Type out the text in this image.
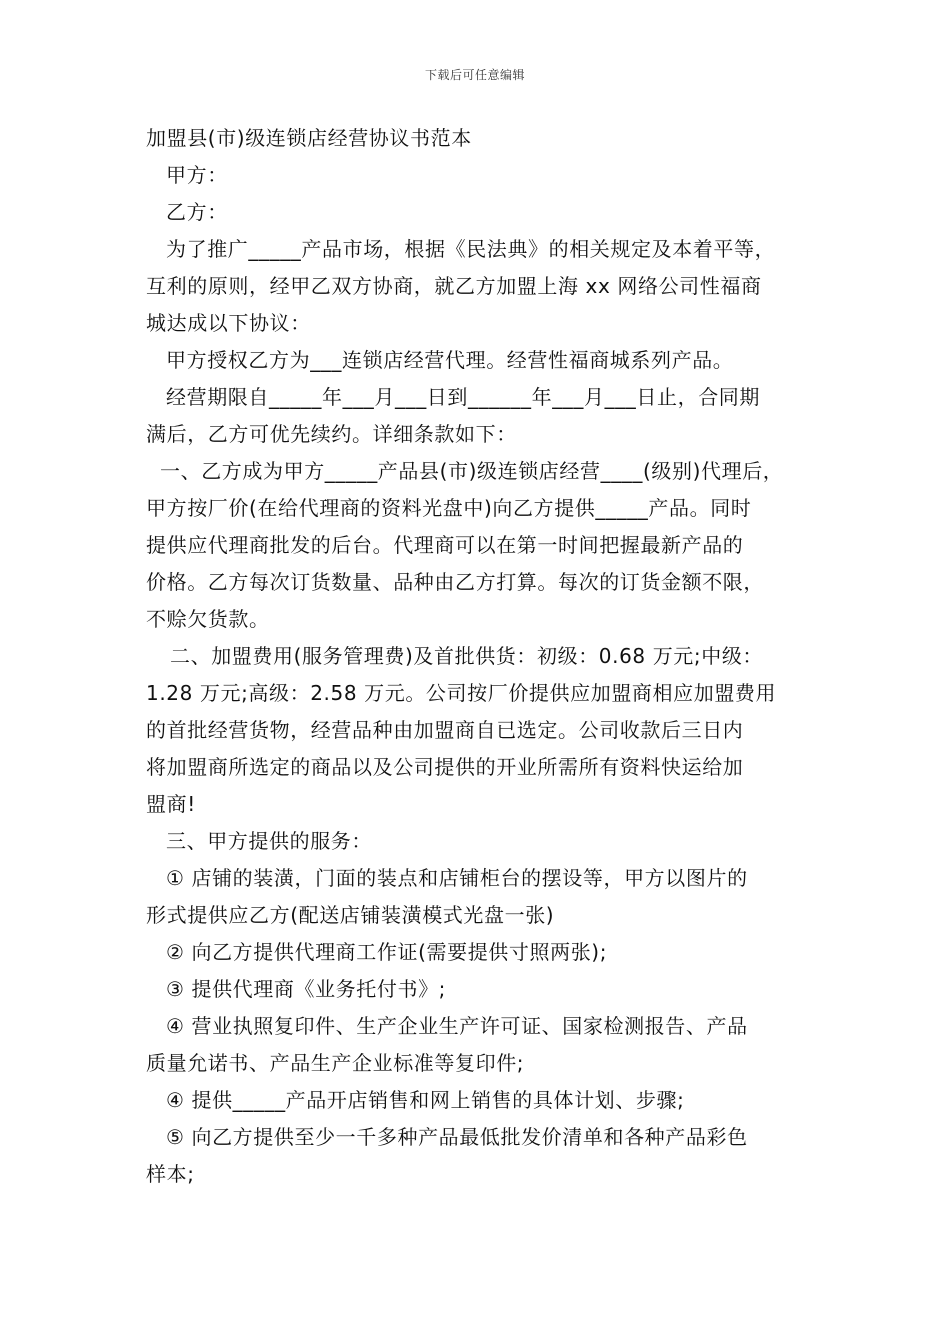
下载后可任意编辑
加盟县(市)级连锁店经营协议书范本
甲方：
乙方：
为了推广_____产品市场，根据《民法典》的相关规定及本着平等，
互利的原则，经甲乙双方协商，就乙方加盟上海 xx 网络公司性福商
城达成以下协议：
甲方授权乙方为___连锁店经营代理。经营性福商城系列产品。
经营期限自_____年___月___日到______年___月___日止，合同期
满后，乙方可优先续约。详细条款如下：
一、乙方成为甲方_____产品县(市)级连锁店经营____(级别)代理后，
甲方按厂价(在给代理商的资料光盘中)向乙方提供_____产品。同时
提供应代理商批发的后台。代理商可以在第一时间把握最新产品的
价格。乙方每次订货数量、品种由乙方打算。每次的订货金额不限，
不赊欠货款。
二、加盟费用(服务管理费)及首批供货：初级：0.68 万元;中级：
1.28 万元;高级：2.58 万元。公司按厂价提供应加盟商相应加盟费用
的首批经营货物，经营品种由加盟商自已选定。公司收款后三日内
将加盟商所选定的商品以及公司提供的开业所需所有资料快运给加
盟商!
三、甲方提供的服务：
① 店铺的装潢，门面的装点和店铺柜台的摆设等，甲方以图片的
形式提供应乙方(配送店铺装潢模式光盘一张)
② 向乙方提供代理商工作证(需要提供寸照两张);
③ 提供代理商《业务托付书》;
④ 营业执照复印件、生产企业生产许可证、国家检测报告、产品
质量允诺书、产品生产企业标准等复印件;
④ 提供_____产品开店销售和网上销售的具体计划、步骤;
⑤ 向乙方提供至少一千多种产品最低批发价清单和各种产品彩色
样本;
